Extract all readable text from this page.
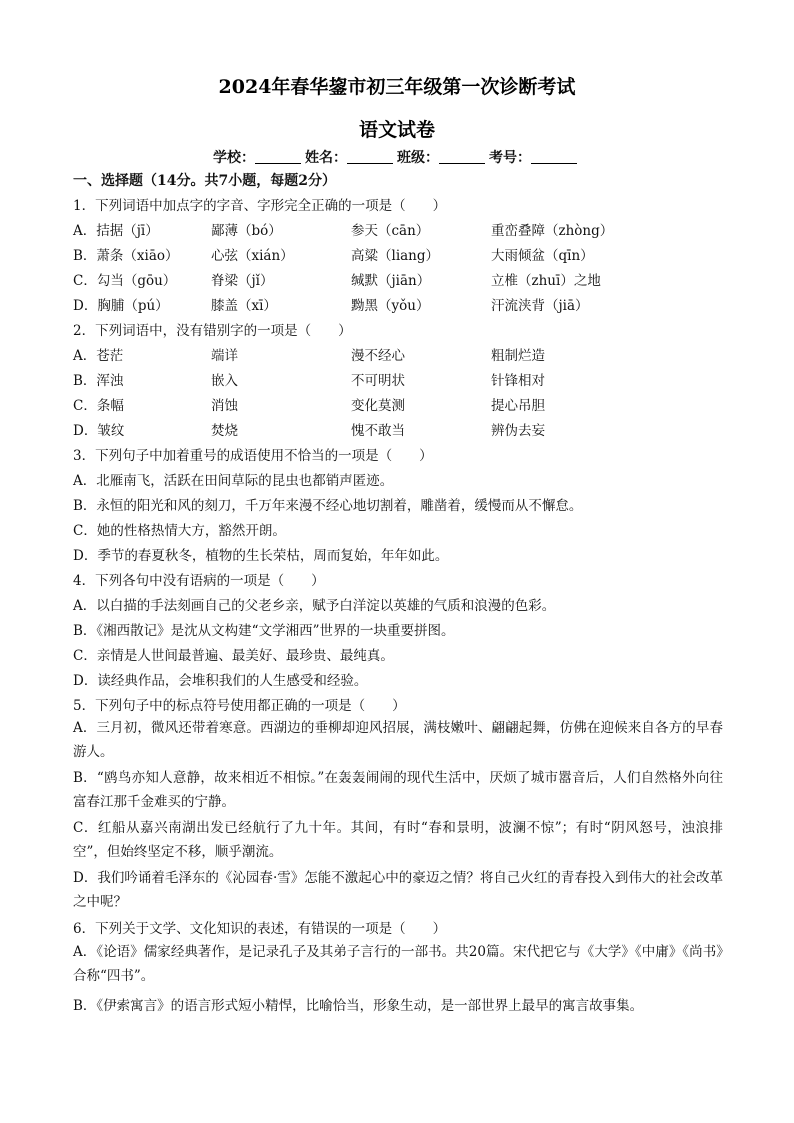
2024年春华鋆市初三年级第一次诊断考试
语文试卷
学校：	姓名：	班级：	考号：
一、选择题（14分。共7小题，每题2分）
1．下列词语中加点字的字音、字形完全正确的一项是（　　）
A．拮据（jī）	鄙薄（bó）	参天（cān）	重峦叠障（zhòng）
B．萧条（xiāo） 心弦（xián）	高粱（liang）	大雨倾盆（qīn）
C．勾当（gōu）	脊梁（jǐ）	缄默（jiān）	立椎（zhuī）之地
D．胸脯（pú）	膝盖（xī）	黝黑（yǒu）	汗流浃背（jiā）
2．下列词语中，没有错别字的一项是（　　）
A．苍茫	端详	漫不经心	粗制烂造
B．浑浊	嵌入	不可明状	针锋相对
C．条幅	消蚀	变化莫测	提心吊胆
D．皱纹	焚烧	愧不敢当	辨伪去妄
3．下列句子中加着重号的成语使用不恰当的一项是（　　）
A．北雁南飞，活跃在田间草际的昆虫也都销声匿迹。
B．永恒的阳光和风的刻刀，千万年来漫不经心地切割着，雕凿着，缓慢而从不懈怠。
C．她的性格热情大方，豁然开朗。
D．季节的春夏秋冬，植物的生长荣枯，周而复始，年年如此。
4．下列各句中没有语病的一项是（　　）
A．以白描的手法刻画自己的父老乡亲，赋予白洋淀以英雄的气质和浪漫的色彩。
B．《湘西散记》是沈从文构建“文学湘西”世界的一块重要拼图。
C．亲情是人世间最普遍、最美好、最珍贵、最纯真。
D．读经典作品，会堆积我们的人生感受和经验。
5．下列句子中的标点符号使用都正确的一项是（　　）
A．三月初，微风还带着寒意。西湖边的垂柳却迎风招展，满枝嫩叶、翩翩起舞，仿佛在迎候来自各方的早春游人。
B．“鸥鸟亦知人意静，故来相近不相惊。”在轰轰闹闹的现代生活中，厌烦了城市嚣音后，人们自然格外向往富春江那千金难买的宁静。
C．红船从嘉兴南湖出发已经航行了九十年。其间，有时“春和景明，波澜不惊”；有时“阴风怒号，浊浪排空”，但始终坚定不移，顺乎潮流。
D．我们吟诵着毛泽东的《沁园春·雪》怎能不激起心中的豪迈之情？将自己火红的青春投入到伟大的社会改革之中呢？
6．下列关于文学、文化知识的表述，有错误的一项是（　　）
A．《论语》儒家经典著作，是记录孔子及其弟子言行的一部书。共20篇。宋代把它与《大学》《中庸》《尚书》合称“四书”。
B．《伊索寓言》的语言形式短小精悍，比喻恰当，形象生动，是一部世界上最早的寓言故事集。
